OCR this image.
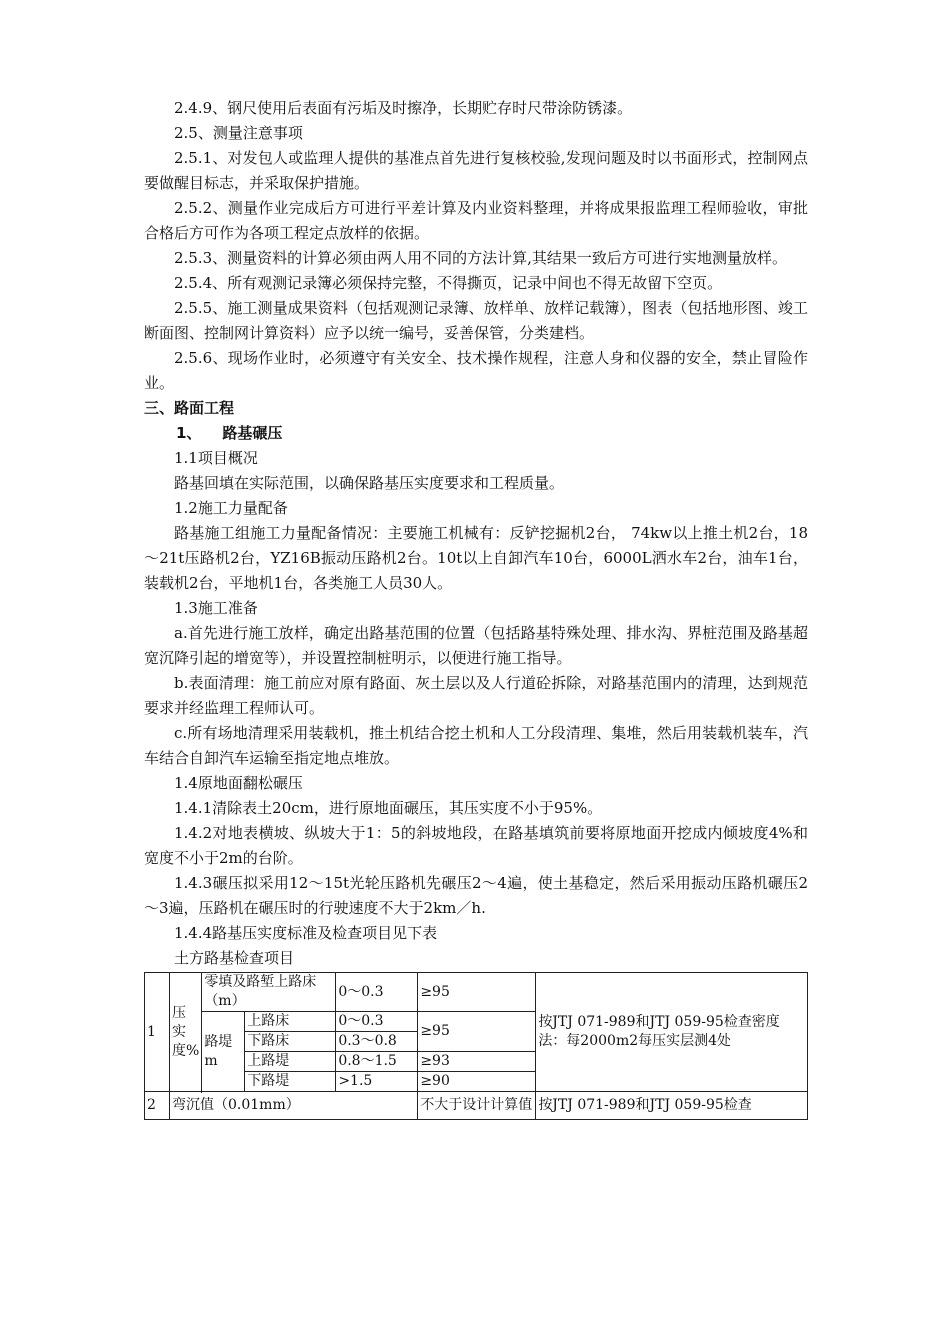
2.4.9、钢尺使用后表面有污垢及时擦净，长期贮存时尺带涂防锈漆。

2.5、测量注意事项

2.5.1、对发包人或监理人提供的基准点首先进行复核校验,发现问题及时以书面形式，控制网点要做醒目标志，并采取保护措施。

2.5.2、测量作业完成后方可进行平差计算及内业资料整理，并将成果报监理工程师验收，审批合格后方可作为各项工程定点放样的依据。

2.5.3、测量资料的计算必须由两人用不同的方法计算,其结果一致后方可进行实地测量放样。

2.5.4、所有观测记录簿必须保持完整，不得撕页，记录中间也不得无故留下空页。

2.5.5、施工测量成果资料（包括观测记录簿、放样单、放样记载簿），图表（包括地形图、竣工断面图、控制网计算资料）应予以统一编号，妥善保管，分类建档。

2.5.6、现场作业时，必须遵守有关安全、技术操作规程，注意人身和仪器的安全，禁止冒险作业。

三、路面工程

1、 路基碾压

1.1项目概况

路基回填在实际范围，以确保路基压实度要求和工程质量。

1.2施工力量配备

路基施工组施工力量配备情况：主要施工机械有：反铲挖掘机2台， 74kw以上推土机2台，18～21t压路机2台，YZ16B振动压路机2台。10t以上自卸汽车10台，6000L洒水车2台，油车1台，装载机2台，平地机1台，各类施工人员30人。

1.3施工准备

a.首先进行施工放样，确定出路基范围的位置（包括路基特殊处理、排水沟、界桩范围及路基超宽沉降引起的增宽等），并设置控制桩明示，以便进行施工指导。

b.表面清理：施工前应对原有路面、灰土层以及人行道砼拆除，对路基范围内的清理，达到规范要求并经监理工程师认可。

c.所有场地清理采用装载机，推土机结合挖土机和人工分段清理、集堆，然后用装载机装车，汽车结合自卸汽车运输至指定地点堆放。

1.4原地面翻松碾压

1.4.1清除表土20cm，进行原地面碾压，其压实度不小于95%。

1.4.2对地表横坡、纵坡大于1：5的斜坡地段，在路基填筑前要将原地面开挖成内倾坡度4%和宽度不小于2m的台阶。

1.4.3碾压拟采用12～15t光轮压路机先碾压2～4遍，使土基稳定，然后采用振动压路机碾压2～3遍，压路机在碾压时的行驶速度不大于2km／h.

1.4.4路基压实度标准及检查项目见下表

土方路基检查项目

1	压实度%	零填及路堑上路床（m）		0～0.3	≥95	按JTJ 071-989和JTJ 059-95检查密度法：每2000m2每压实层测4处
		路堤m	上路床	0～0.3	≥95	
			下路床	0.3～0.8		
			上路堤	0.8～1.5	≥93	
			下路堤	>1.5	≥90	

2	弯沉值（0.01mm）				不大于设计计算值	按JTJ 071-989和JTJ 059-95检查
